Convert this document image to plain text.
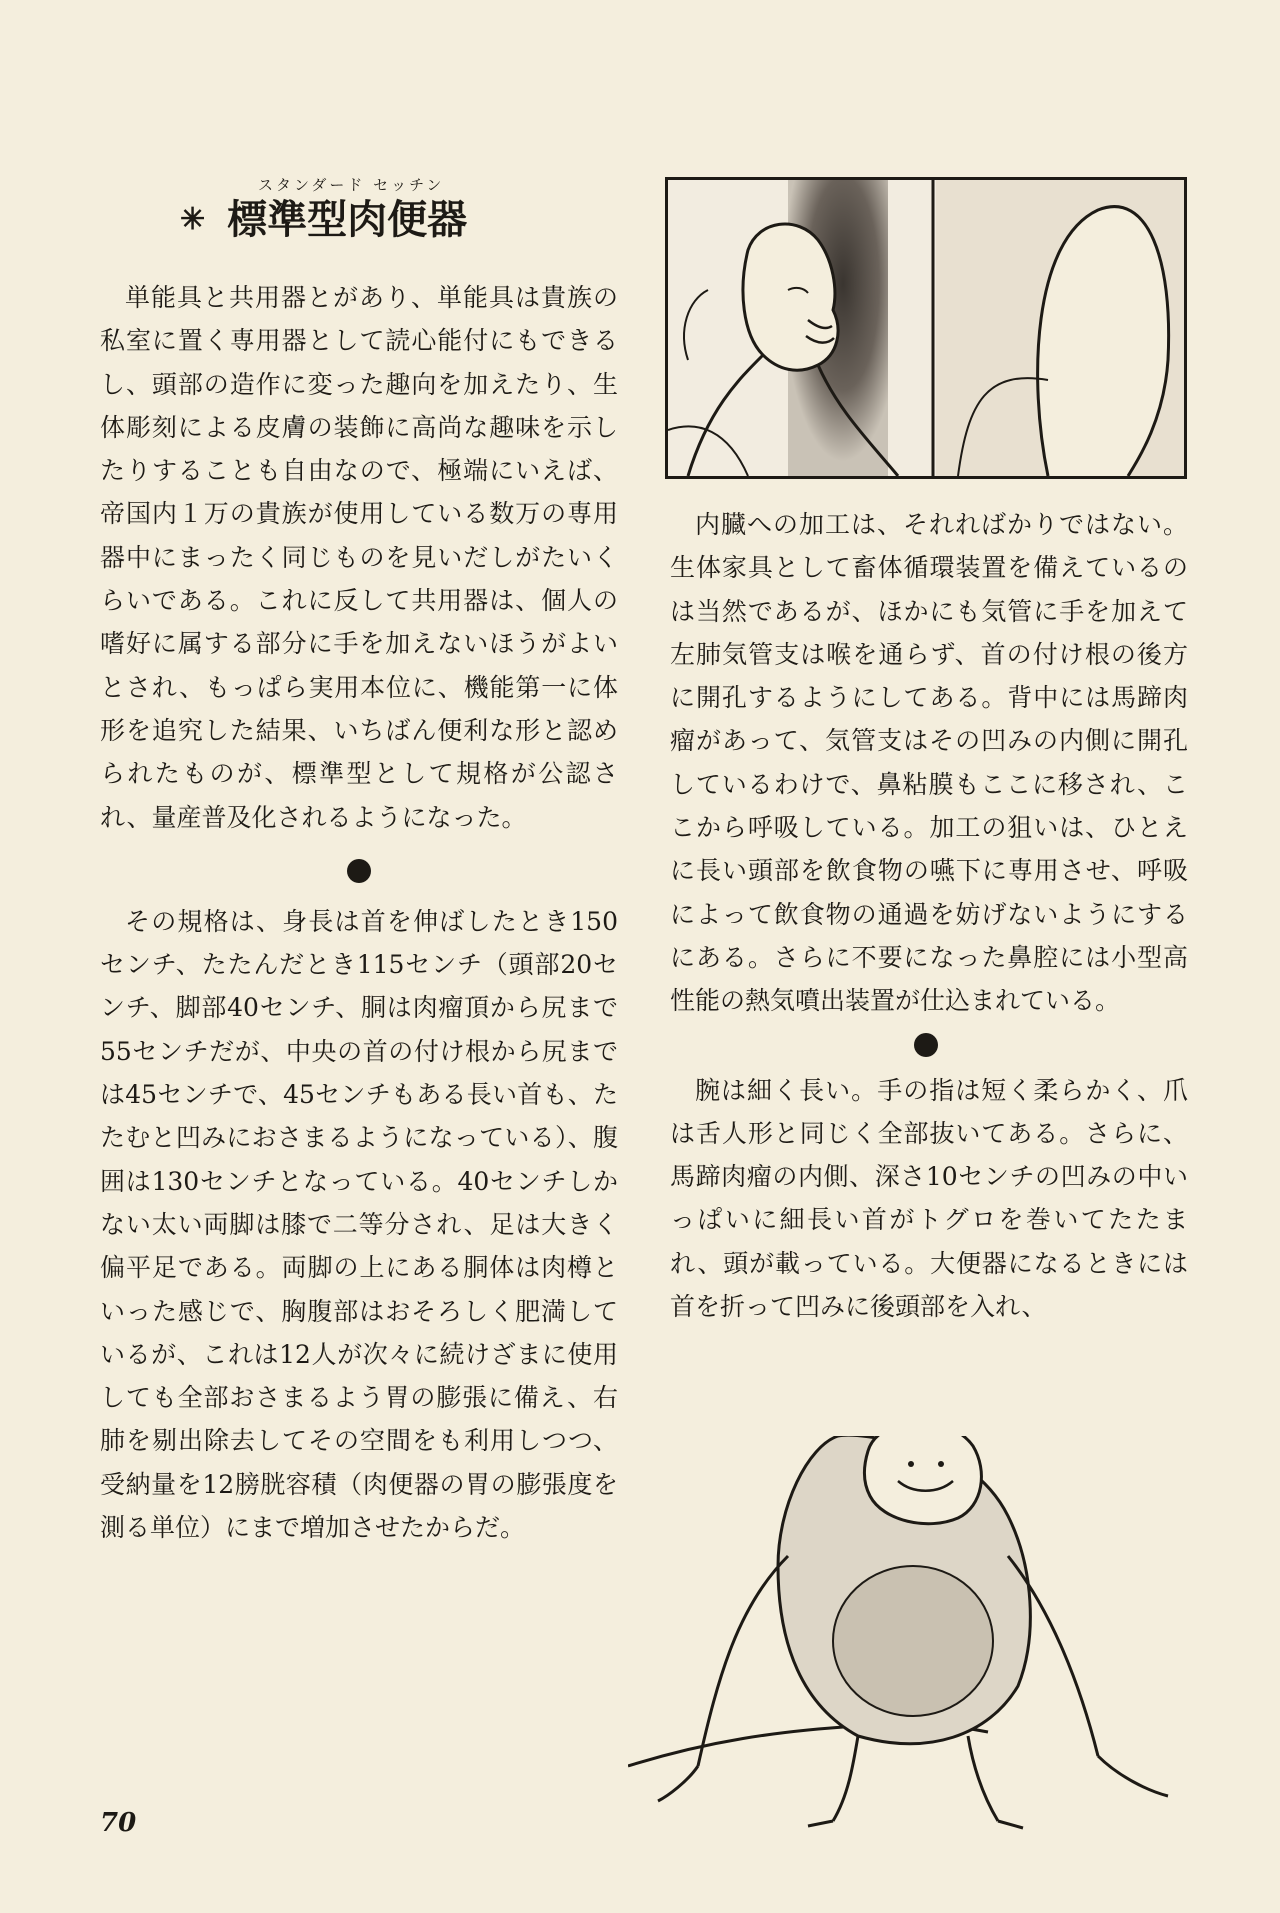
スタンダード セッチン
✳ 標準型肉便器

単能具と共用器とがあり、単能具は貴族の私室に置く専用器として読心能付にもできるし、頭部の造作に変った趣向を加えたり、生体彫刻による皮膚の装飾に高尚な趣味を示したりすることも自由なので、極端にいえば、帝国内１万の貴族が使用している数万の専用器中にまったく同じものを見いだしがたいくらいである。これに反して共用器は、個人の嗜好に属する部分に手を加えないほうがよいとされ、もっぱら実用本位に、機能第一に体形を追究した結果、いちばん便利な形と認められたものが、標準型として規格が公認され、量産普及化されるようになった。

その規格は、身長は首を伸ばしたとき150センチ、たたんだとき115センチ（頭部20センチ、脚部40センチ、胴は肉瘤頂から尻まで55センチだが、中央の首の付け根から尻までは45センチで、45センチもある長い首も、たたむと凹みにおさまるようになっている）、腹囲は130センチとなっている。40センチしかない太い両脚は膝で二等分され、足は大きく偏平足である。両脚の上にある胴体は肉樽といった感じで、胸腹部はおそろしく肥満しているが、これは12人が次々に続けざまに使用しても全部おさまるよう胃の膨張に備え、右肺を剔出除去してその空間をも利用しつつ、受納量を12膀胱容積（肉便器の胃の膨張度を測る単位）にまで増加させたからだ。

内臓への加工は、それればかりではない。生体家具として畜体循環装置を備えているのは当然であるが、ほかにも気管に手を加えて左肺気管支は喉を通らず、首の付け根の後方に開孔するようにしてある。背中には馬蹄肉瘤があって、気管支はその凹みの内側に開孔しているわけで、鼻粘膜もここに移され、ここから呼吸している。加工の狙いは、ひとえに長い頭部を飲食物の嚥下に専用させ、呼吸によって飲食物の通過を妨げないようにするにある。さらに不要になった鼻腔には小型高性能の熱気噴出装置が仕込まれている。

腕は細く長い。手の指は短く柔らかく、爪は舌人形と同じく全部抜いてある。さらに、馬蹄肉瘤の内側、深さ10センチの凹みの中いっぱいに細長い首がトグロを巻いてたたまれ、頭が載っている。大便器になるときには首を折って凹みに後頭部を入れ、

70
